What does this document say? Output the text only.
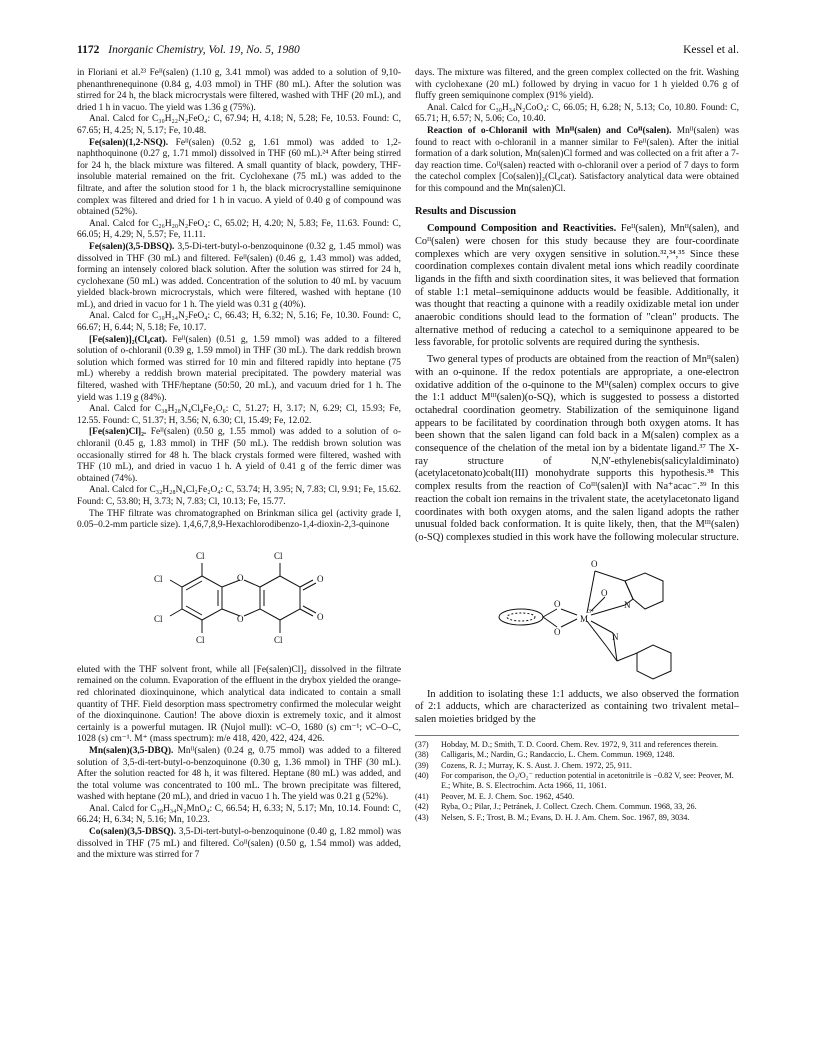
1172 Inorganic Chemistry, Vol. 19, No. 5, 1980	Kessel et al.

in Floriani et al.²³ Feᴵᴵ(salen) (1.10 g, 3.41 mmol) was added to a solution of 9,10-phenanthrenequinone (0.84 g, 4.03 mmol) in THF (80 mL). After the solution was stirred for 24 h, the black microcrystals were filtered, washed with THF (20 mL), and dried 1 h in vacuo. The yield was 1.36 g (75%).

Anal. Calcd for C₃₀H₂₂N₂FeO₄: C, 67.94; H, 4.18; N, 5.28; Fe, 10.53. Found: C, 67.65; H, 4.25; N, 5.17; Fe, 10.48.

Fe(salen)(1,2-NSQ). Feᴵᴵ(salen) (0.52 g, 1.61 mmol) was added to 1,2-naphthoquinone (0.27 g, 1.71 mmol) dissolved in THF (60 mL).²⁴ After being stirred for 24 h, the black mixture was filtered. A small quantity of black, powdery, THF-insoluble material remained on the frit. Cyclohexane (75 mL) was added to the filtrate, and after the solution stood for 1 h, the black microcrystalline semiquinone complex was filtered and dried for 1 h in vacuo. A yield of 0.40 g of compound was obtained (52%).

Anal. Calcd for C₂₆H₂₀N₂FeO₄: C, 65.02; H, 4.20; N, 5.83; Fe, 11.63. Found: C, 66.05; H, 4.29; N, 5.57; Fe, 11.11.

Fe(salen)(3,5-DBSQ). 3,5-Di-tert-butyl-o-benzoquinone (0.32 g, 1.45 mmol) was dissolved in THF (30 mL) and filtered. Feᴵᴵ(salen) (0.46 g, 1.43 mmol) was added, forming an intensely colored black solution. After the solution was stirred for 24 h, cyclohexane (50 mL) was added. Concentration of the solution to 40 mL by vacuum yielded black-brown microcrystals, which were filtered, washed with heptane (10 mL), and dried in vacuo for 1 h. The yield was 0.31 g (40%).

Anal. Calcd for C₃₀H₃₄N₂FeO₄: C, 66.43; H, 6.32; N, 5.16; Fe, 10.30. Found: C, 66.67; H, 6.44; N, 5.18; Fe, 10.17.

[Fe(salen)]₂(Cl₄cat). Feᴵᴵ(salen) (0.51 g, 1.59 mmol) was added to a filtered solution of o-chloranil (0.39 g, 1.59 mmol) in THF (30 mL). The dark reddish brown solution which formed was stirred for 10 min and filtered rapidly into heptane (75 mL) whereby a reddish brown material precipitated. The powdery material was filtered, washed with THF/heptane (50:50, 20 mL), and vacuum dried for 1 h. The yield was 1.19 g (84%).

Anal. Calcd for C₃₈H₂₈N₄Cl₄Fe₂O₆: C, 51.27; H, 3.17; N, 6.29; Cl, 15.93; Fe, 12.55. Found: C, 51.37; H, 3.56; N, 6.30; Cl, 15.49; Fe, 12.02.

[Fe(salen)Cl]₂. Feᴵᴵ(salen) (0.50 g, 1.55 mmol) was added to a solution of o-chloranil (0.45 g, 1.83 mmol) in THF (50 mL). The reddish brown solution was occasionally stirred for 48 h. The black crystals formed were filtered, washed with THF (10 mL), and dried in vacuo 1 h. A yield of 0.41 g of the ferric dimer was obtained (74%).

Anal. Calcd for C₃₂H₂₈N₄Cl₂Fe₂O₄: C, 53.74; H, 3.95; N, 7.83; Cl, 9.91; Fe, 15.62. Found: C, 53.80; H, 3.73; N, 7.83; Cl, 10.13; Fe, 15.77.

The THF filtrate was chromatographed on Brinkman silica gel (activity grade I, 0.05–0.2-mm particle size). 1,4,6,7,8,9-Hexachlorodibenzo-1,4-dioxin-2,3-quinone

Cl
Cl
Cl
Cl
Cl
Cl
O
O
O
O

eluted with the THF solvent front, while all [Fe(salen)Cl]₂ dissolved in the filtrate remained on the column. Evaporation of the effluent in the drybox yielded the orange-red chlorinated dioxinquinone, which analytical data indicated to contain a small quantity of THF. Field desorption mass spectrometry confirmed the molecular weight of the dioxinquinone. Caution! The above dioxin is extremely toxic, and it almost certainly is a powerful mutagen. IR (Nujol mull): νC–O, 1680 (s) cm⁻¹; νC–O–C, 1028 (s) cm⁻¹. M⁺ (mass spectrum): m/e 418, 420, 422, 424, 426.

Mn(salen)(3,5-DBQ). Mnᴵᴵ(salen) (0.24 g, 0.75 mmol) was added to a filtered solution of 3,5-di-tert-butyl-o-benzoquinone (0.30 g, 1.36 mmol) in THF (30 mL). After the solution reacted for 48 h, it was filtered. Heptane (80 mL) was added, and the total volume was concentrated to 100 mL. The brown precipitate was filtered, washed with heptane (20 mL), and dried in vacuo 1 h. The yield was 0.21 g (52%).

Anal. Calcd for C₃₀H₃₄N₂MnO₄: C, 66.54; H, 6.33; N, 5.17; Mn, 10.14. Found: C, 66.24; H, 6.34; N, 5.16; Mn, 10.23.

Co(salen)(3,5-DBSQ). 3,5-Di-tert-butyl-o-benzoquinone (0.40 g, 1.82 mmol) was dissolved in THF (75 mL) and filtered. Coᴵᴵ(salen) (0.50 g, 1.54 mmol) was added, and the mixture was stirred for 7

days. The mixture was filtered, and the green complex collected on the frit. Washing with cyclohexane (20 mL) followed by drying in vacuo for 1 h yielded 0.76 g of fluffy green semiquinone complex (91% yield).

Anal. Calcd for C₃₀H₃₄N₂CoO₄: C, 66.05; H, 6.28; N, 5.13; Co, 10.80. Found: C, 65.71; H, 6.57; N, 5.06; Co, 10.40.

Reaction of o-Chloranil with Mnᴵᴵ(salen) and Coᴵᴵ(salen). Mnᴵᴵ(salen) was found to react with o-chloranil in a manner similar to Feᴵᴵ(salen). After the initial formation of a dark solution, Mn(salen)Cl formed and was collected on a frit after a 7-day reaction time. Coᴵᴵ(salen) reacted with o-chloranil over a period of 7 days to form the catechol complex [Co(salen)]₂(Cl₄cat). Satisfactory analytical data were obtained for this compound and the Mn(salen)Cl.

Results and Discussion

Compound Composition and Reactivities. Feᴵᴵ(salen), Mnᴵᴵ(salen), and Coᴵᴵ(salen) were chosen for this study because they are four-coordinate complexes which are very oxygen sensitive in solution.³²,³⁴,³⁵ Since these coordination complexes contain divalent metal ions which readily coordinate ligands in the fifth and sixth coordination sites, it was believed that formation of stable 1:1 metal–semiquinone adducts would be feasible. Additionally, it was thought that reacting a quinone with a readily oxidizable metal ion under anaerobic conditions should lead to the formation of "clean" products. The alternative method of reducing a catechol to a semiquinone appeared to be less favorable, for protolic solvents are required during the synthesis.

Two general types of products are obtained from the reaction of Mnᴵᴵ(salen) with an o-quinone. If the redox potentials are appropriate, a one-electron oxidative addition of the o-quinone to the Mᴵᴵ(salen) complex occurs to give the 1:1 adduct Mᴵᴵᴵ(salen)(o-SQ), which is suggested to possess a distorted octahedral coordination geometry. Stabilization of the semiquinone ligand appears to be facilitated by coordination through both oxygen atoms. It has been shown that the salen ligand can fold back in a M(salen) complex as a consequence of the chelation of the metal ion by a bidentate ligand.³⁷ The X-ray structure of N,N′-ethylenebis(salicylaldiminato)(acetylacetonato)cobalt(III) monohydrate supports this hypothesis.³⁸ This complex results from the reaction of Coᴵᴵᴵ(salen)I with Na⁺acac⁻.³⁹ In this reaction the cobalt ion remains in the trivalent state, the acetylacetonato ligand coordinates with both oxygen atoms, and the salen ligand adopts the rather unusual folded back conformation. It is quite likely, then, that the Mᴵᴵᴵ(salen)(o-SQ) complexes studied in this work have the following molecular structure.

M
3+
O
O
O
O
N
N

In addition to isolating these 1:1 adducts, we also observed the formation of 2:1 adducts, which are characterized as containing two trivalent metal–salen moieties bridged by the

(37)	Hobday, M. D.; Smith, T. D. Coord. Chem. Rev. 1972, 9, 311 and references therein.
(38)	Calligaris, M.; Nardin, G.; Randaccio, L. Chem. Commun. 1969, 1248.
(39)	Cozens, R. J.; Murray, K. S. Aust. J. Chem. 1972, 25, 911.
(40)	For comparison, the O₂/O₂⁻ reduction potential in acetonitrile is −0.82 V, see: Peover, M. E.; White, B. S. Electrochim. Acta 1966, 11, 1061.
(41)	Peover, M. E. J. Chem. Soc. 1962, 4540.
(42)	Ryba, O.; Pilar, J.; Petránek, J. Collect. Czech. Chem. Commun. 1968, 33, 26.
(43)	Nelsen, S. F.; Trost, B. M.; Evans, D. H. J. Am. Chem. Soc. 1967, 89, 3034.
